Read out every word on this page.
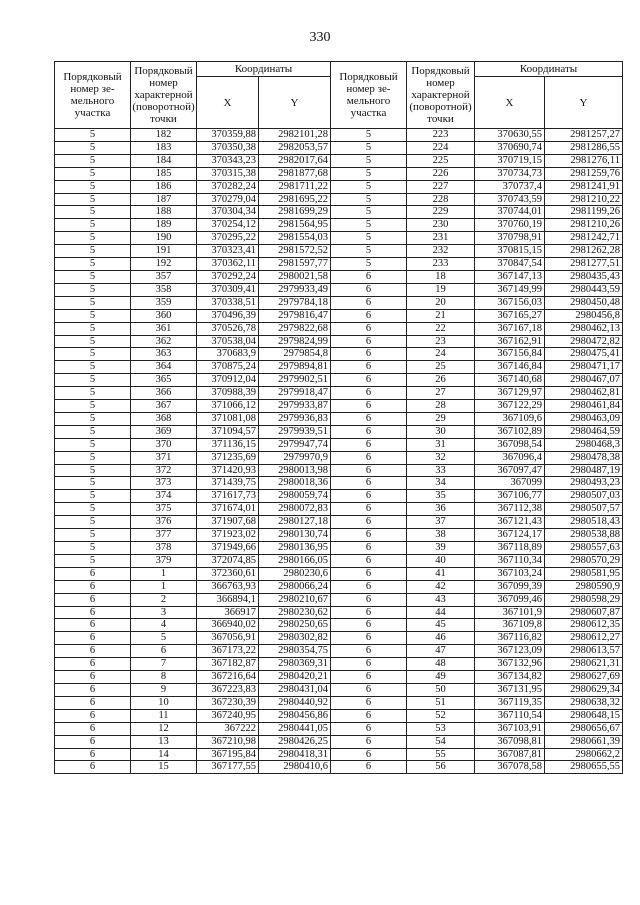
330
Порядковый номер зе-мельного участка	Порядковый номер характерной (поворотной) точки	Координаты		Порядковый номер зе-мельного участка	Порядковый номер характерной (поворотной) точки	Координаты	
		X	Y			X	Y
5	182	370359,88	2982101,28	5	223	370630,55	2981257,27
5	183	370350,38	2982053,57	5	224	370690,74	2981286,55
5	184	370343,23	2982017,64	5	225	370719,15	2981276,11
5	185	370315,38	2981877,68	5	226	370734,73	2981259,76
5	186	370282,24	2981711,22	5	227	370737,4	2981241,91
5	187	370279,04	2981695,22	5	228	370743,59	2981210,22
5	188	370304,34	2981699,29	5	229	370744,01	2981199,26
5	189	370254,12	2981564,95	5	230	370760,19	2981210,26
5	190	370295,22	2981554,03	5	231	370798,91	2981242,71
5	191	370323,41	2981572,52	5	232	370815,15	2981262,28
5	192	370362,11	2981597,77	5	233	370847,54	2981277,51
5	357	370292,24	2980021,58	6	18	367147,13	2980435,43
5	358	370309,41	2979933,49	6	19	367149,99	2980443,59
5	359	370338,51	2979784,18	6	20	367156,03	2980450,48
5	360	370496,39	2979816,47	6	21	367165,27	2980456,8
5	361	370526,78	2979822,68	6	22	367167,18	2980462,13
5	362	370538,04	2979824,99	6	23	367162,91	2980472,82
5	363	370683,9	2979854,8	6	24	367156,84	2980475,41
5	364	370875,24	2979894,81	6	25	367146,84	2980471,17
5	365	370912,04	2979902,51	6	26	367140,68	2980467,07
5	366	370988,39	2979918,47	6	27	367129,97	2980462,81
5	367	371066,12	2979933,87	6	28	367122,29	2980461,84
5	368	371081,08	2979936,83	6	29	367109,6	2980463,09
5	369	371094,57	2979939,51	6	30	367102,89	2980464,59
5	370	371136,15	2979947,74	6	31	367098,54	2980468,3
5	371	371235,69	2979970,9	6	32	367096,4	2980478,38
5	372	371420,93	2980013,98	6	33	367097,47	2980487,19
5	373	371439,75	2980018,36	6	34	367099	2980493,23
5	374	371617,73	2980059,74	6	35	367106,77	2980507,03
5	375	371674,01	2980072,83	6	36	367112,38	2980507,57
5	376	371907,68	2980127,18	6	37	367121,43	2980518,43
5	377	371923,02	2980130,74	6	38	367124,17	2980538,88
5	378	371949,66	2980136,95	6	39	367118,89	2980557,63
5	379	372074,85	2980166,05	6	40	367110,34	2980570,29
6	1	372360,61	2980230,6	6	41	367103,24	2980581,95
6	1	366763,93	2980066,24	6	42	367099,39	2980590,9
6	2	366894,1	2980210,67	6	43	367099,46	2980598,29
6	3	366917	2980230,62	6	44	367101,9	2980607,87
6	4	366940,02	2980250,65	6	45	367109,8	2980612,35
6	5	367056,91	2980302,82	6	46	367116,82	2980612,27
6	6	367173,22	2980354,75	6	47	367123,09	2980613,57
6	7	367182,87	2980369,31	6	48	367132,96	2980621,31
6	8	367216,64	2980420,21	6	49	367134,82	2980627,69
6	9	367223,83	2980431,04	6	50	367131,95	2980629,34
6	10	367230,39	2980440,92	6	51	367119,35	2980638,32
6	11	367240,95	2980456,86	6	52	367110,54	2980648,15
6	12	367222	2980441,05	6	53	367103,91	2980656,67
6	13	367210,98	2980426,25	6	54	367098,81	2980661,39
6	14	367195,84	2980418,31	6	55	367087,81	2980662,2
6	15	367177,55	2980410,6	6	56	367078,58	2980655,55
